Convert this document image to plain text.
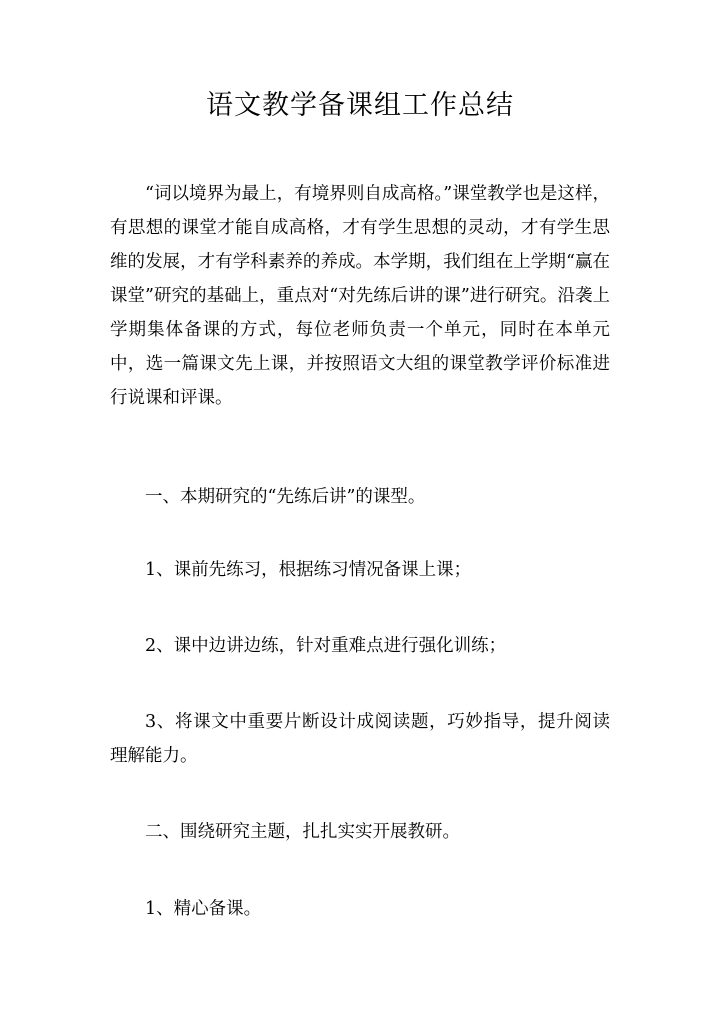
语文教学备课组工作总结

“词以境界为最上，有境界则自成高格。”课堂教学也是这样，有思想的课堂才能自成高格，才有学生思想的灵动，才有学生思维的发展，才有学科素养的养成。本学期，我们组在上学期“赢在课堂”研究的基础上，重点对“对先练后讲的课”进行研究。沿袭上学期集体备课的方式，每位老师负责一个单元，同时在本单元中，选一篇课文先上课，并按照语文大组的课堂教学评价标准进行说课和评课。

一、本期研究的“先练后讲”的课型。

1、课前先练习，根据练习情况备课上课；

2、课中边讲边练，针对重难点进行强化训练；

3、将课文中重要片断设计成阅读题，巧妙指导，提升阅读理解能力。

二、围绕研究主题，扎扎实实开展教研。

1、精心备课。
